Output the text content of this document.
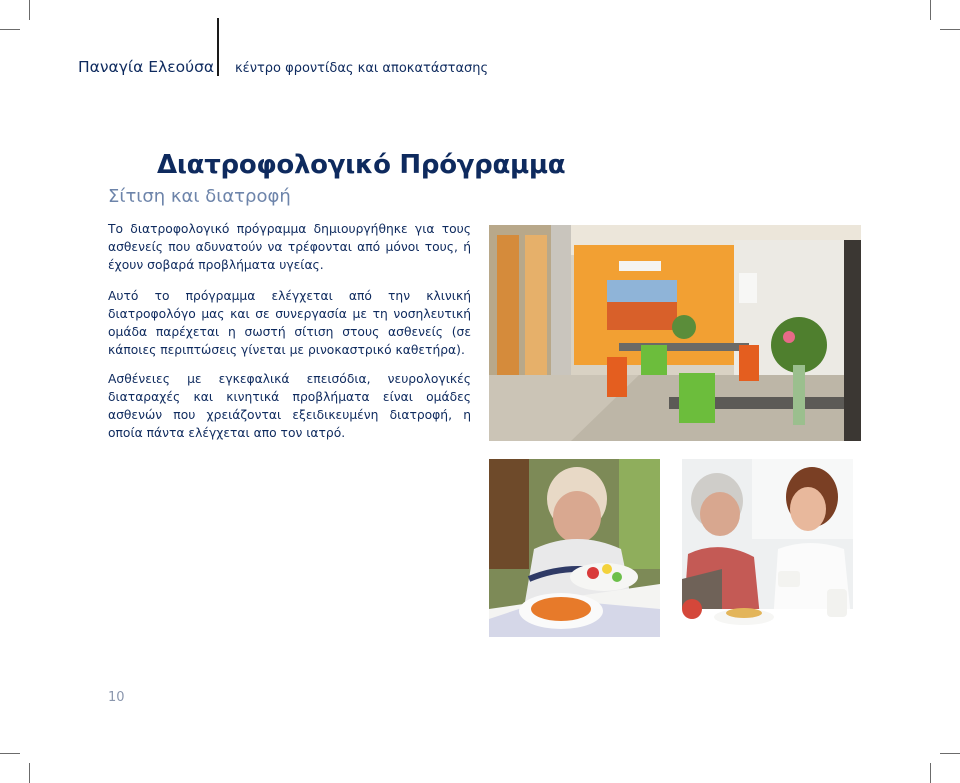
Παναγία Ελεούσα κέντρο φροντίδας και αποκατάστασης
Διατροφολογικό Πρόγραμμα
Σίτιση και διατροφή

Το διατροφολογικό πρόγραμμα δημιουργήθηκε για τους ασθενείς που αδυνατούν να τρέφονται από μόνοι τους, ή έχουν σοβαρά προβλήματα υγείας.

Αυτό το πρόγραμμα ελέγχεται από την κλινική διατροφολόγο μας και σε συνεργασία με τη νοσηλευτική ομάδα παρέχεται η σωστή σίτιση στους ασθενείς (σε κάποιες περιπτώσεις γίνεται με ρινοκαστρικό καθετήρα).

Ασθένειες με εγκεφαλικά επεισόδια, νευρολογικές διαταραχές και κινητικά προβλήματα είναι ομάδες ασθενών που χρειάζονται εξειδικευμένη διατροφή, η οποία πάντα ελέγχεται απο τον ιατρό.

10
